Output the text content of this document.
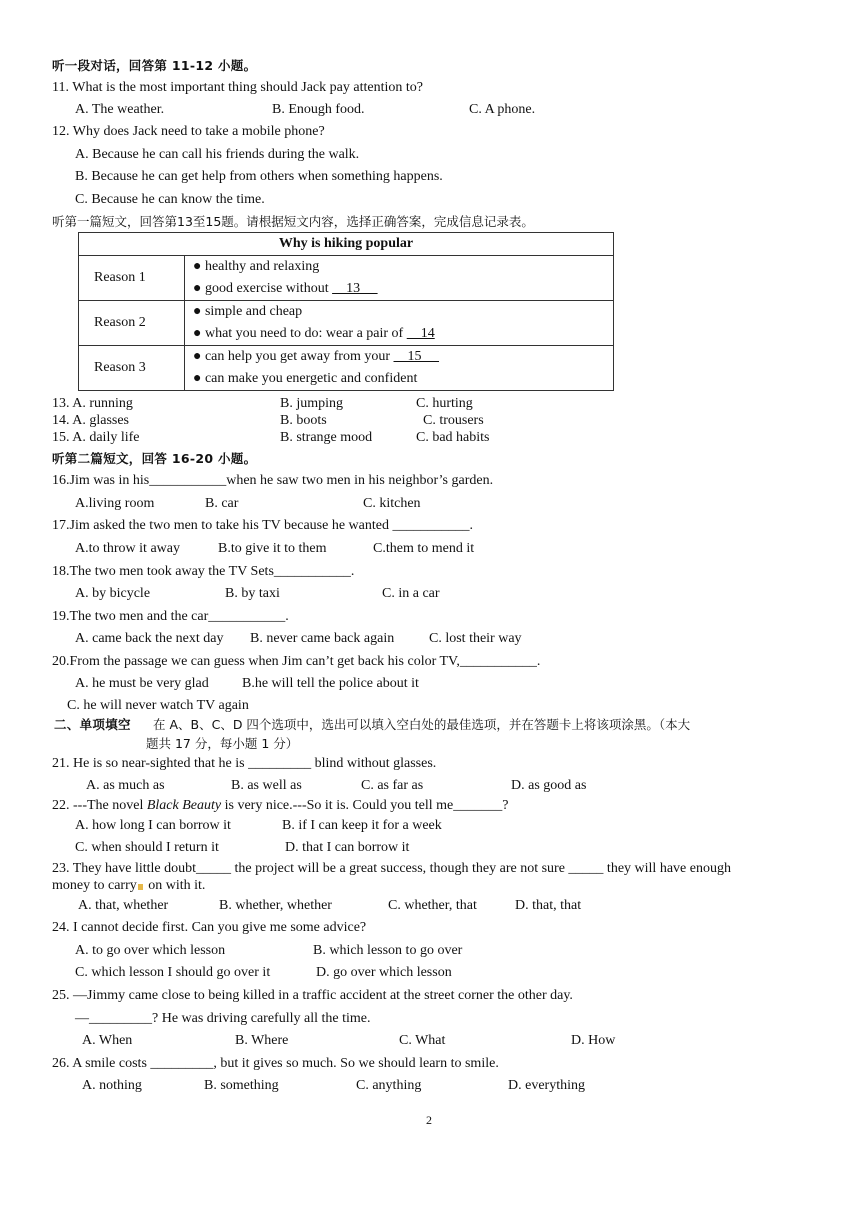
听一段对话，回答第 11-12 小题。
11. What is the most important thing should Jack pay attention to?
A. The weather.	B. Enough food.	C. A phone.
12. Why does Jack need to take a mobile phone?
A. Because he can call his friends during the walk.
B. Because he can get help from others when something happens.
C. Because he can know the time.
听第一篇短文，回答第13至15题。请根据短文内容，选择正确答案，完成信息记录表。
Why is hiking popular	
Reason 1	● healthy and relaxing
● good exercise without     13

Reason 2	● simple and cheap
● what you need to do: wear a pair of     14

Reason 3	● can help you get away from your     15
● can make you energetic and confident
13. A. running	B. jumping	C. hurting
14. A. glasses	B. boots	C. trousers
15. A. daily life	B. strange mood	C. bad habits
听第二篇短文，回答 16-20 小题。
16.Jim was in his___________when he saw two men in his neighbor’s garden.
A.living room	B. car	C. kitchen
17.Jim asked the two men to take his TV because he wanted ___________.
A.to throw it away	B.to give it to them	C.them to mend it
18.The two men took away the TV Sets___________.
A. by bicycle	B. by taxi	C. in a car
19.The two men and the car___________.
A. came back the next day B. never came back again C. lost their way
20.From the passage we can guess when Jim can’t get back his color TV,___________.
A. he must be very glad B.he will tell the police about it
C. he will never watch TV again
二、单项填空 在 A、B、C、D 四个选项中，选出可以填入空白处的最佳选项，并在答题卡上将该项涂黑。（本大
题共 17 分，每小题 1 分）
21. He is so near-sighted that he is _________ blind without glasses.
A. as much as	B. as well as	C. as far as	D. as good as
22. ---The novel Black Beauty is very nice.---So it is. Could you tell me_______?
A. how long I can borrow it	B. if I can keep it for a week
C. when should I return it	D. that I can borrow it
23. They have little doubt_____ the project will be a great success, though they are not sure _____ they will have enough
money to carry on with it.
A. that, whether	B. whether, whether	C. whether, that	D. that, that
24. I cannot decide first. Can you give me some advice?
A. to go over which lesson	B. which lesson to go over
C. which lesson I should go over it	D. go over which lesson
25. —Jimmy came close to being killed in a traffic accident at the street corner the other day.
—_________? He was driving carefully all the time.
A. When	B. Where	C. What	D. How
26. A smile costs _________, but it gives so much. So we should learn to smile.
A. nothing	B. something	C. anything	D. everything
2
